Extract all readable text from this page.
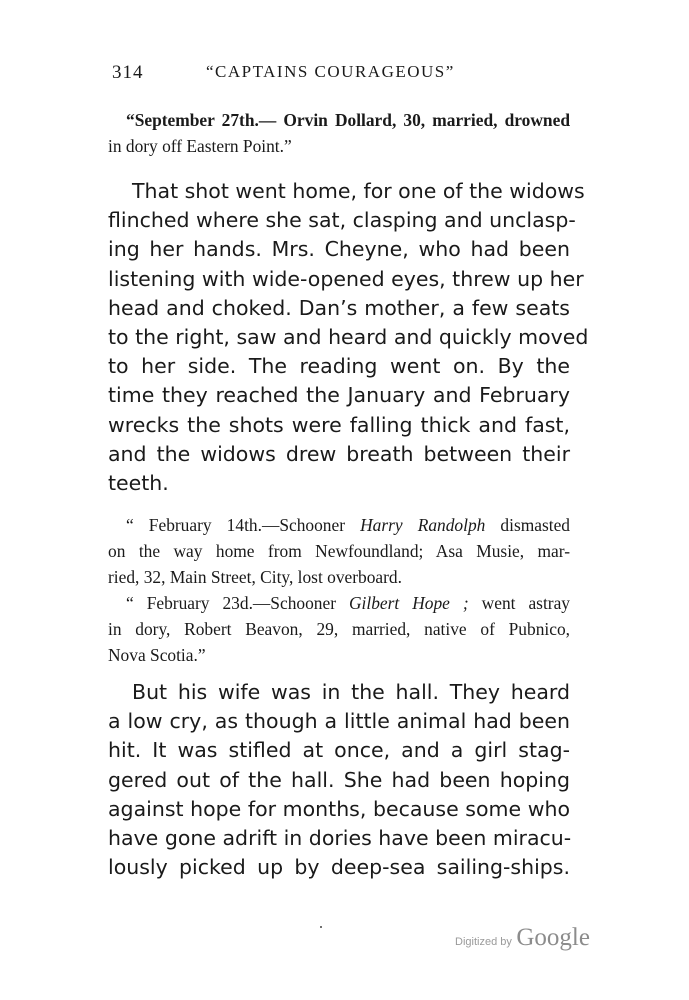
314	“CAPTAINS COURAGEOUS”
“September 27th.— Orvin Dollard, 30, married, drowned
in dory off Eastern Point.”
That shot went home, for one of the widows
flinched where she sat, clasping and unclasp-
ing her hands. Mrs. Cheyne, who had been
listening with wide-opened eyes, threw up her
head and choked. Dan’s mother, a few seats
to the right, saw and heard and quickly moved
to her side. The reading went on. By the
time they reached the January and February
wrecks the shots were falling thick and fast,
and the widows drew breath between their
teeth.
“ February 14th.—Schooner Harry Randolph dismasted
on the way home from Newfoundland; Asa Musie, mar-
ried, 32, Main Street, City, lost overboard.
“ February 23d.—Schooner Gilbert Hope ; went astray
in dory, Robert Beavon, 29, married, native of Pubnico,
Nova Scotia.”
But his wife was in the hall. They heard
a low cry, as though a little animal had been
hit. It was stifled at once, and a girl stag-
gered out of the hall. She had been hoping
against hope for months, because some who
have gone adrift in dories have been miracu-
lously picked up by deep-sea sailing-ships.
Digitized by Google
